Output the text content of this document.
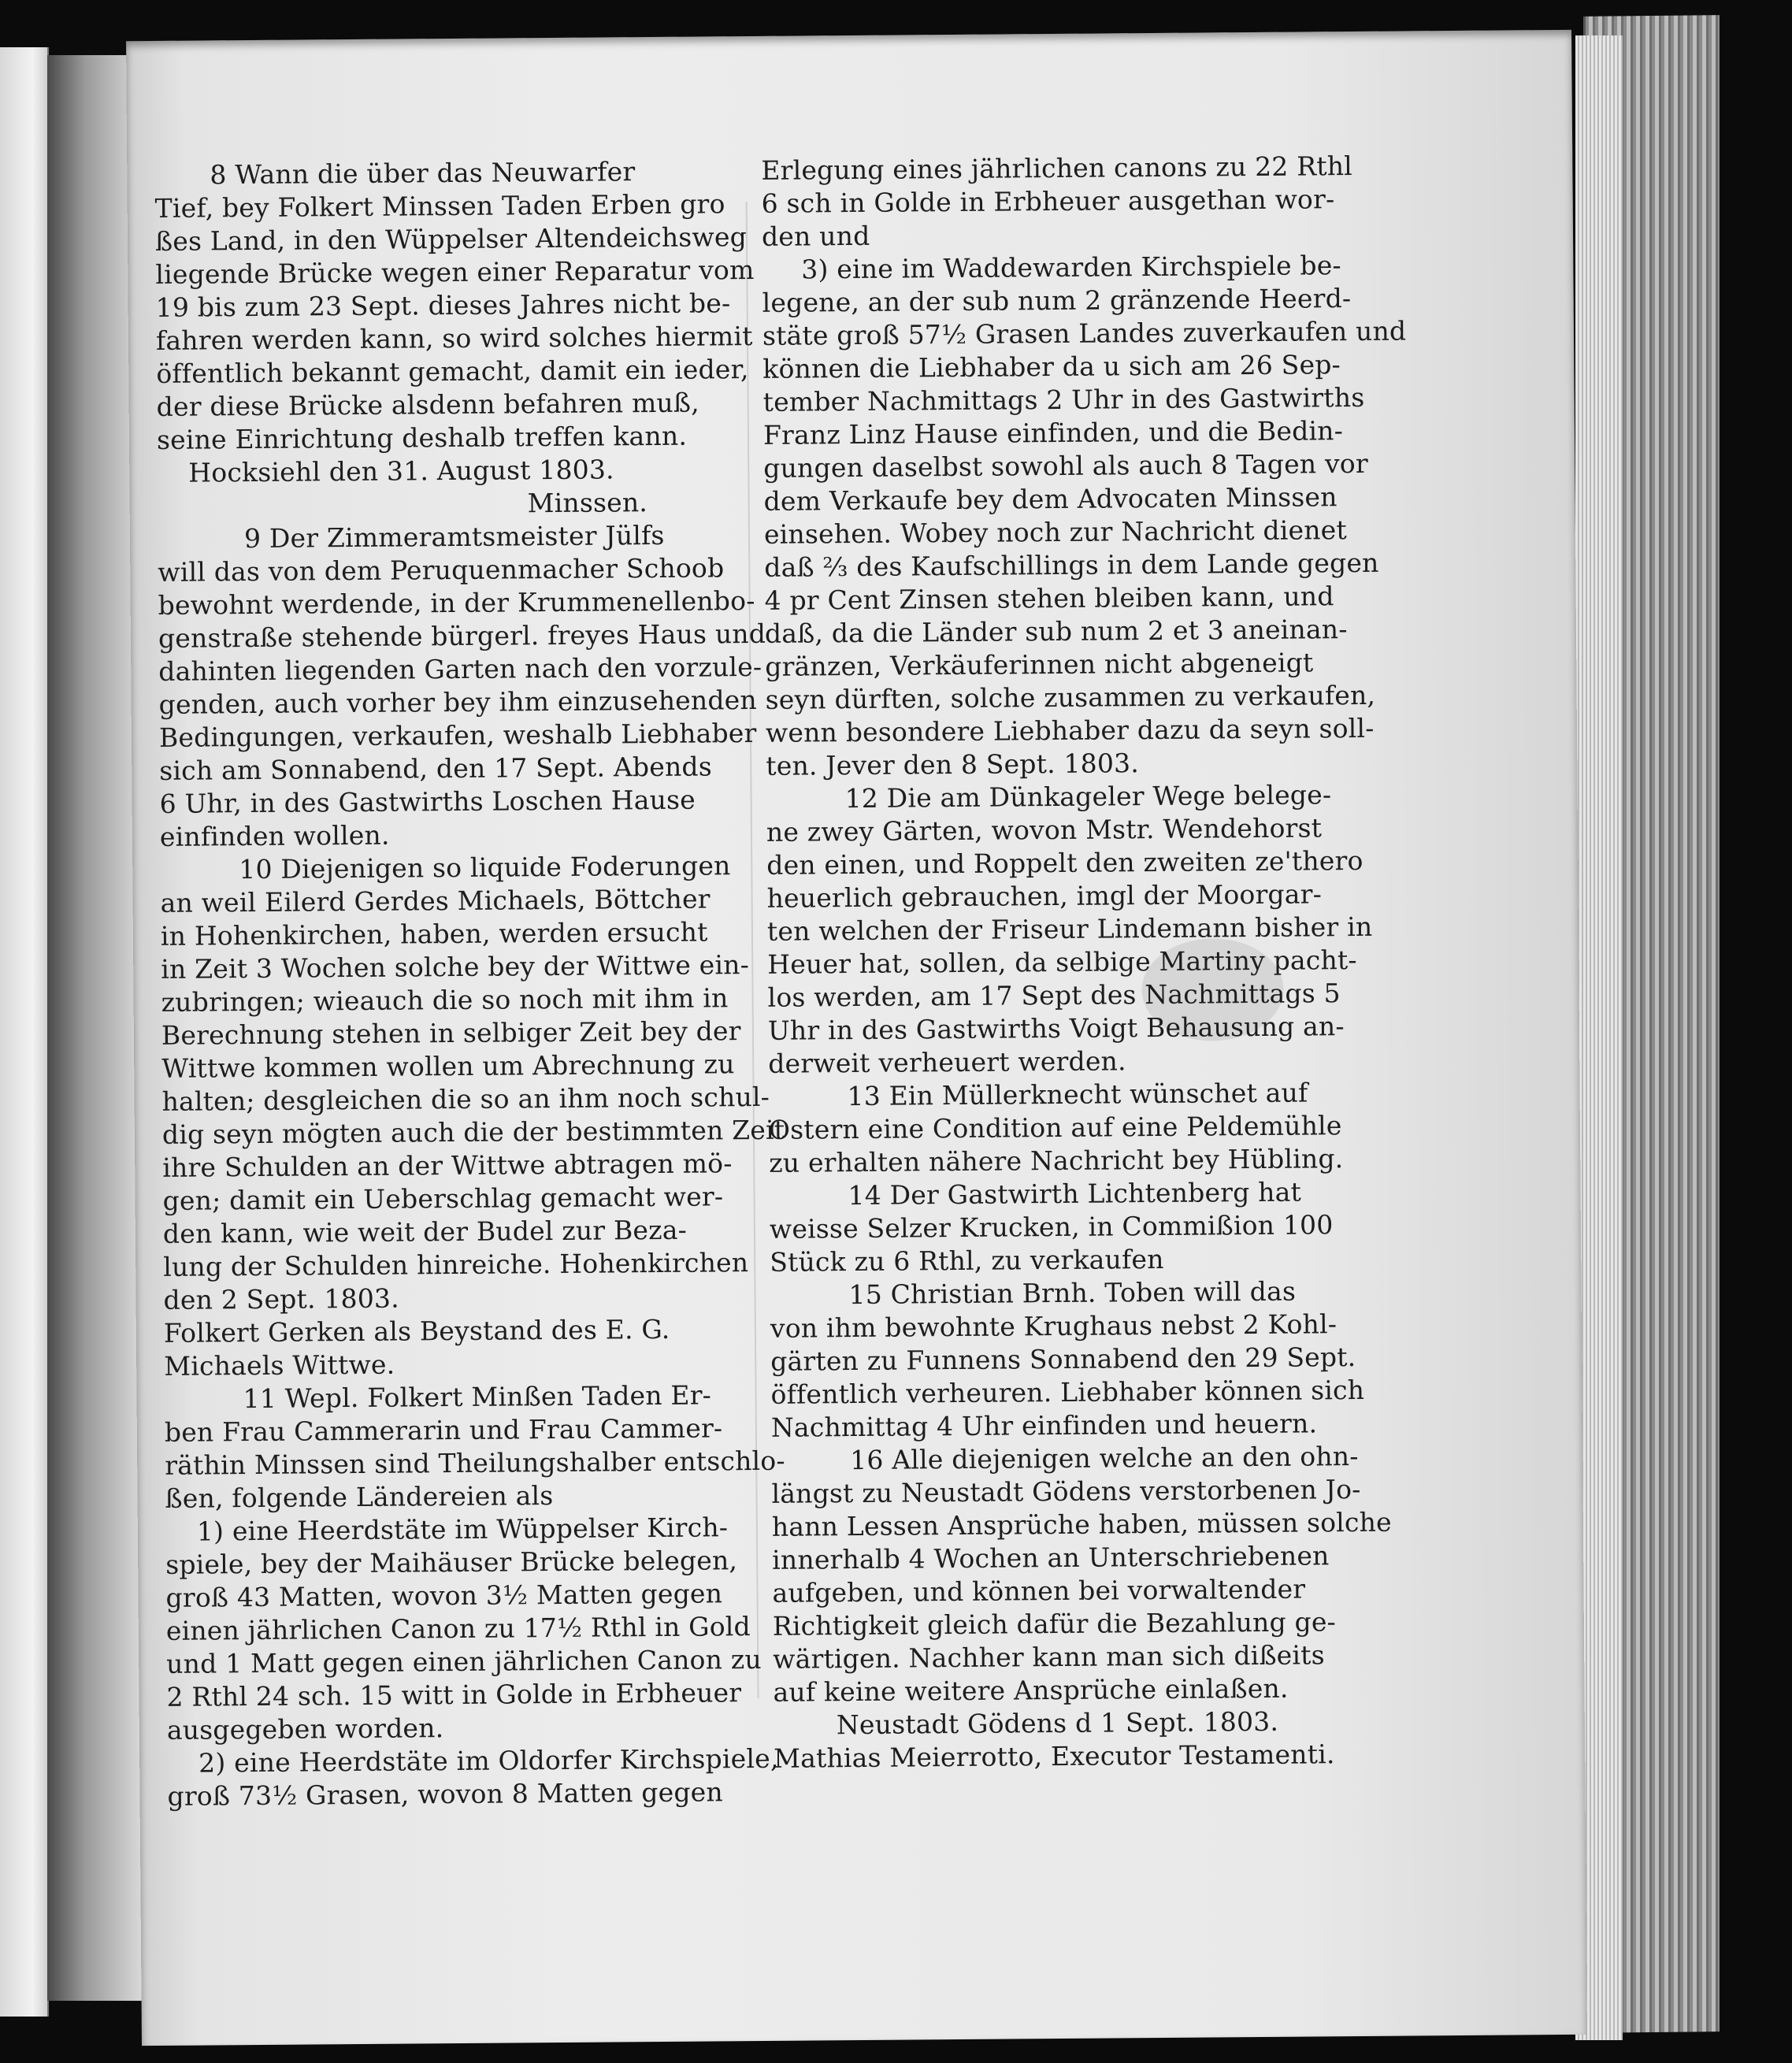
8 Wann die über das Neuwarfer
Tief, bey Folkert Minssen Taden Erben gro
ßes Land, in den Wüppelser Altendeichsweg
liegende Brücke wegen einer Reparatur vom
19 bis zum 23 Sept. dieses Jahres nicht be-
fahren werden kann, so wird solches hiermit
öffentlich bekannt gemacht, damit ein ieder,
der diese Brücke alsdenn befahren muß,
seine Einrichtung deshalb treffen kann.
Hocksiehl den 31. August 1803.
Minssen.
9 Der Zimmeramtsmeister Jülfs
will das von dem Peruquenmacher Schoob
bewohnt werdende, in der Krummenellenbo-
genstraße stehende bürgerl. freyes Haus und
dahinten liegenden Garten nach den vorzule-
genden, auch vorher bey ihm einzusehenden
Bedingungen, verkaufen, weshalb Liebhaber
sich am Sonnabend, den 17 Sept. Abends
6 Uhr, in des Gastwirths Loschen Hause
einfinden wollen.
10 Diejenigen so liquide Foderungen
an weil Eilerd Gerdes Michaels, Böttcher
in Hohenkirchen, haben, werden ersucht
in Zeit 3 Wochen solche bey der Wittwe ein-
zubringen; wieauch die so noch mit ihm in
Berechnung stehen in selbiger Zeit bey der
Wittwe kommen wollen um Abrechnung zu
halten; desgleichen die so an ihm noch schul-
dig seyn mögten auch die der bestimmten Zeit
ihre Schulden an der Wittwe abtragen mö-
gen; damit ein Ueberschlag gemacht wer-
den kann, wie weit der Budel zur Beza-
lung der Schulden hinreiche. Hohenkirchen
den 2 Sept. 1803.
Folkert Gerken als Beystand des E. G.
Michaels Wittwe.
11 Wepl. Folkert Minßen Taden Er-
ben Frau Cammerarin und Frau Cammer-
räthin Minssen sind Theilungshalber entschlo-
ßen, folgende Ländereien als
1) eine Heerdstäte im Wüppelser Kirch-
spiele, bey der Maihäuser Brücke belegen,
groß 43 Matten, wovon 3½ Matten gegen
einen jährlichen Canon zu 17½ Rthl in Gold
und 1 Matt gegen einen jährlichen Canon zu
2 Rthl 24 sch. 15 witt in Golde in Erbheuer
ausgegeben worden.
2) eine Heerdstäte im Oldorfer Kirchspiele,
groß 73½ Grasen, wovon 8 Matten gegen
Erlegung eines jährlichen canons zu 22 Rthl
6 sch in Golde in Erbheuer ausgethan wor-
den und
3) eine im Waddewarden Kirchspiele be-
legene, an der sub num 2 gränzende Heerd-
stäte groß 57½ Grasen Landes zuverkaufen und
können die Liebhaber da u sich am 26 Sep-
tember Nachmittags 2 Uhr in des Gastwirths
Franz Linz Hause einfinden, und die Bedin-
gungen daselbst sowohl als auch 8 Tagen vor
dem Verkaufe bey dem Advocaten Minssen
einsehen. Wobey noch zur Nachricht dienet
daß ⅔ des Kaufschillings in dem Lande gegen
4 pr Cent Zinsen stehen bleiben kann, und
daß, da die Länder sub num 2 et 3 aneinan-
gränzen, Verkäuferinnen nicht abgeneigt
seyn dürften, solche zusammen zu verkaufen,
wenn besondere Liebhaber dazu da seyn soll-
ten. Jever den 8 Sept. 1803.
12 Die am Dünkageler Wege belege-
ne zwey Gärten, wovon Mstr. Wendehorst
den einen, und Roppelt den zweiten ze'thero
heuerlich gebrauchen, imgl der Moorgar-
ten welchen der Friseur Lindemann bisher in
Heuer hat, sollen, da selbige Martiny pacht-
los werden, am 17 Sept des Nachmittags 5
Uhr in des Gastwirths Voigt Behausung an-
derweit verheuert werden.
13 Ein Müllerknecht wünschet auf
Ostern eine Condition auf eine Peldemühle
zu erhalten nähere Nachricht bey Hübling.
14 Der Gastwirth Lichtenberg hat
weisse Selzer Krucken, in Commißion 100
Stück zu 6 Rthl, zu verkaufen
15 Christian Brnh. Toben will das
von ihm bewohnte Krughaus nebst 2 Kohl-
gärten zu Funnens Sonnabend den 29 Sept.
öffentlich verheuren. Liebhaber können sich
Nachmittag 4 Uhr einfinden und heuern.
16 Alle diejenigen welche an den ohn-
längst zu Neustadt Gödens verstorbenen Jo-
hann Lessen Ansprüche haben, müssen solche
innerhalb 4 Wochen an Unterschriebenen
aufgeben, und können bei vorwaltender
Richtigkeit gleich dafür die Bezahlung ge-
wärtigen. Nachher kann man sich dißeits
auf keine weitere Ansprüche einlaßen.
Neustadt Gödens d 1 Sept. 1803.
Mathias Meierrotto, Executor Testamenti.
